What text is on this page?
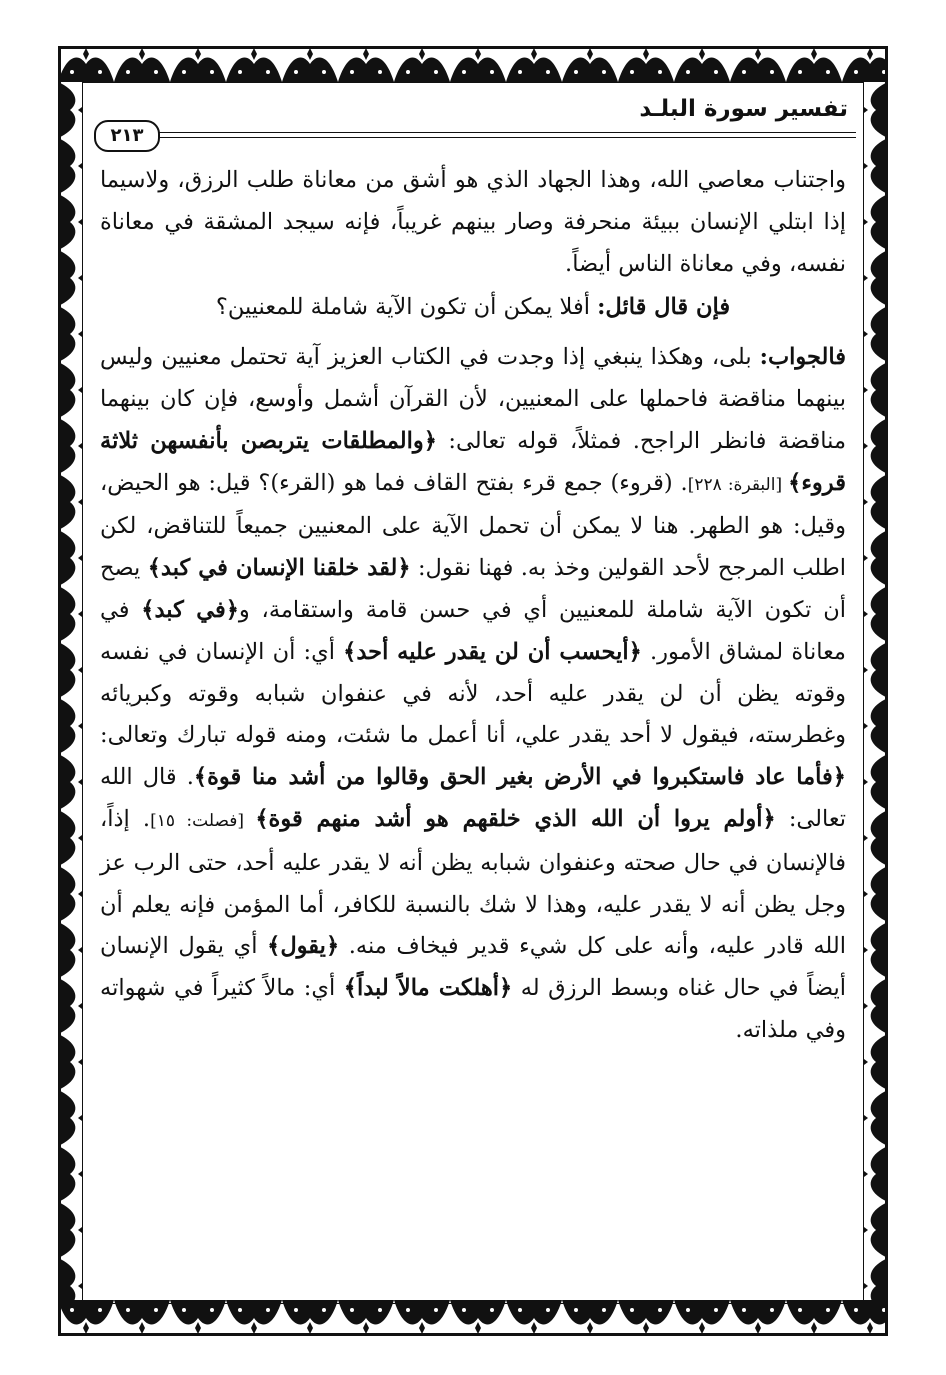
تفسير سورة البلـد
٢١٣

واجتناب معاصي الله، وهذا الجهاد الذي هو أشق من معاناة طلب الرزق، ولاسيما إذا ابتلي الإنسان ببيئة منحرفة وصار بينهم غريباً، فإنه سيجد المشقة في معاناة نفسه، وفي معاناة الناس أيضاً.

فإن قال قائل: أفلا يمكن أن تكون الآية شاملة للمعنيين؟

فالجواب: بلى، وهكذا ينبغي إذا وجدت في الكتاب العزيز آية تحتمل معنيين وليس بينهما مناقضة فاحملها على المعنيين، لأن القرآن أشمل وأوسع، فإن كان بينهما مناقضة فانظر الراجح. فمثلاً، قوله تعالى: ﴿والمطلقات يتربصن بأنفسهن ثلاثة قروء﴾ [البقرة: ٢٢٨]. (قروء) جمع قرء بفتح القاف فما هو (القرء)؟ قيل: هو الحيض، وقيل: هو الطهر. هنا لا يمكن أن تحمل الآية على المعنيين جميعاً للتناقض، لكن اطلب المرجح لأحد القولين وخذ به. فهنا نقول: ﴿لقد خلقنا الإنسان في كبد﴾ يصح أن تكون الآية شاملة للمعنيين أي في حسن قامة واستقامة، و﴿في كبد﴾ في معاناة لمشاق الأمور. ﴿أيحسب أن لن يقدر عليه أحد﴾ أي: أن الإنسان في نفسه وقوته يظن أن لن يقدر عليه أحد، لأنه في عنفوان شبابه وقوته وكبريائه وغطرسته، فيقول لا أحد يقدر علي، أنا أعمل ما شئت، ومنه قوله تبارك وتعالى: ﴿فأما عاد فاستكبروا في الأرض بغير الحق وقالوا من أشد منا قوة﴾. قال الله تعالى: ﴿أولم يروا أن الله الذي خلقهم هو أشد منهم قوة﴾ [فصلت: ١٥]. إذاً، فالإنسان في حال صحته وعنفوان شبابه يظن أنه لا يقدر عليه أحد، حتى الرب عز وجل يظن أنه لا يقدر عليه، وهذا لا شك بالنسبة للكافر، أما المؤمن فإنه يعلم أن الله قادر عليه، وأنه على كل شيء قدير فيخاف منه. ﴿يقول﴾ أي يقول الإنسان أيضاً في حال غناه وبسط الرزق له ﴿أهلكت مالاً لبداً﴾ أي: مالاً كثيراً في شهواته وفي ملذاته.
